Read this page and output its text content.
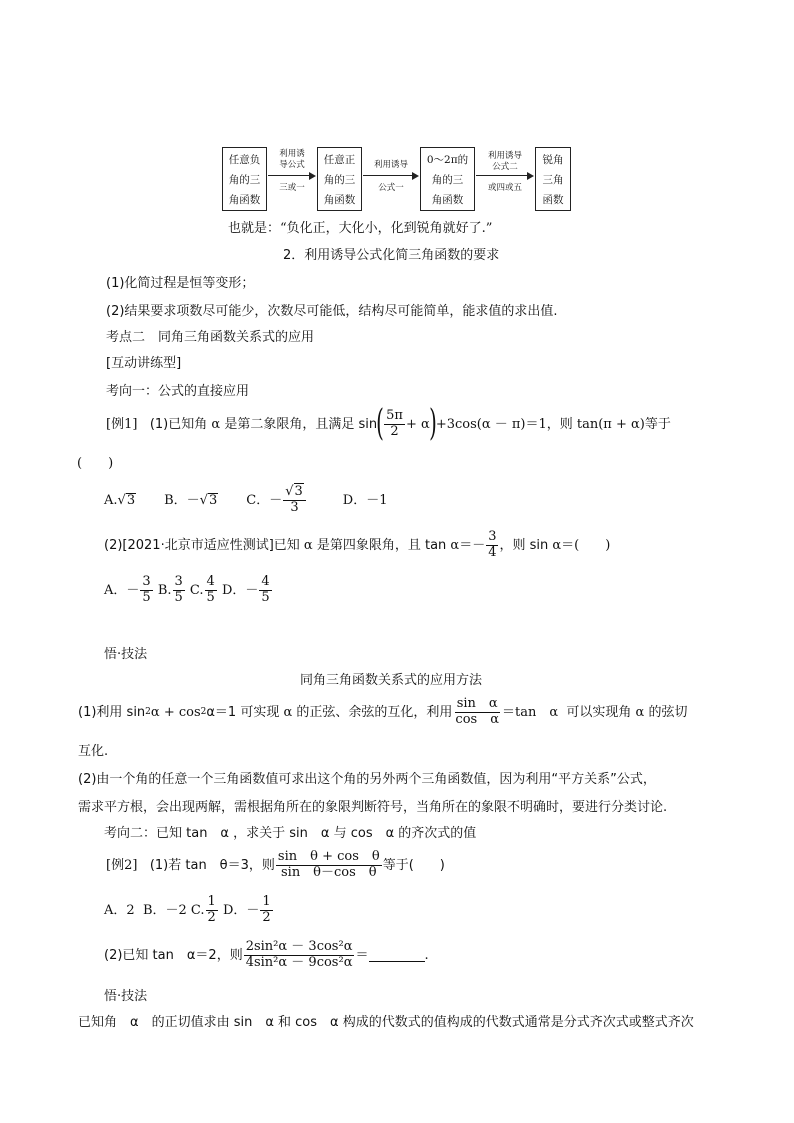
任意负
角的三
角函数
利用诱
导公式
三或一
任意正
角的三
角函数
利用诱导
公式一
0～2π的
角的三
角函数
利用诱导
公式二
或四或五
锐角
三角
函数
也就是：“负化正，大化小，化到锐角就好了.”
2．利用诱导公式化简三角函数的要求
(1)化简过程是恒等变形；
(2)结果要求项数尽可能少，次数尽可能低，结构尽可能简单，能求值的求出值.
考点二　同角三角函数关系式的应用
[互动讲练型]
考向一：公式的直接应用
[例1]
(1)已知角
α
是第二象限角，且满足 sin ( $\frac{5\pi}{2} + \alpha$ ) +3cos(α － π)＝1，则 tan(π + α)等于
(　　)
A. √ 3 B．－ √ 3 C．－ $\frac{√3}{3}$	D．－1
(2)[2021·北京市适应性测试]已知
α
是第四象限角，且 tan
$\alpha=- \frac{3}{4}$ ，则 sin
α＝(　　)
A．－ $\frac{3}{5}$
B. $\frac{3}{5}$
C. $\frac{4}{5}$
D．－ $\frac{4}{5}$
悟·技法
同角三角函数关系式的应用方法
(1)利用 sin 2 α + cos 2 α＝1 可实现
α
的正弦、余弦的互化，利用 $\frac{\text{sin　α}}{\text{cos　α}} =\tan$　α
可以实现角
α
的弦切
互化.
(2)由一个角的任意一个三角函数值可求出这个角的另外两个三角函数值，因为利用“平方关系”公式，
需求平方根，会出现两解，需根据角所在的象限判断符号，当角所在的象限不明确时，要进行分类讨论.
考向二：已知 tan　α ，求关于 sin　α 与 cos　α 的齐次式的值
[例2]
(1)若 tan　θ＝3，则 $\frac{\text{sin　θ + cos　θ}}{\text{sin　θ－cos　θ}}$ 等于(　　)
A．2
B．－2
C. $\frac{1}{2}$
D．－ $\frac{1}{2}$
(2)已知 tan　α＝2，则 $\frac{\text{2sin²α － 3cos²α}}{\text{4sin²α － 9cos²α}}$ ＝	.
悟·技法
已知角　α　的正切值求由 sin　α 和 cos　α 构成的代数式的值构成的代数式通常是分式齐次式或整式齐次
